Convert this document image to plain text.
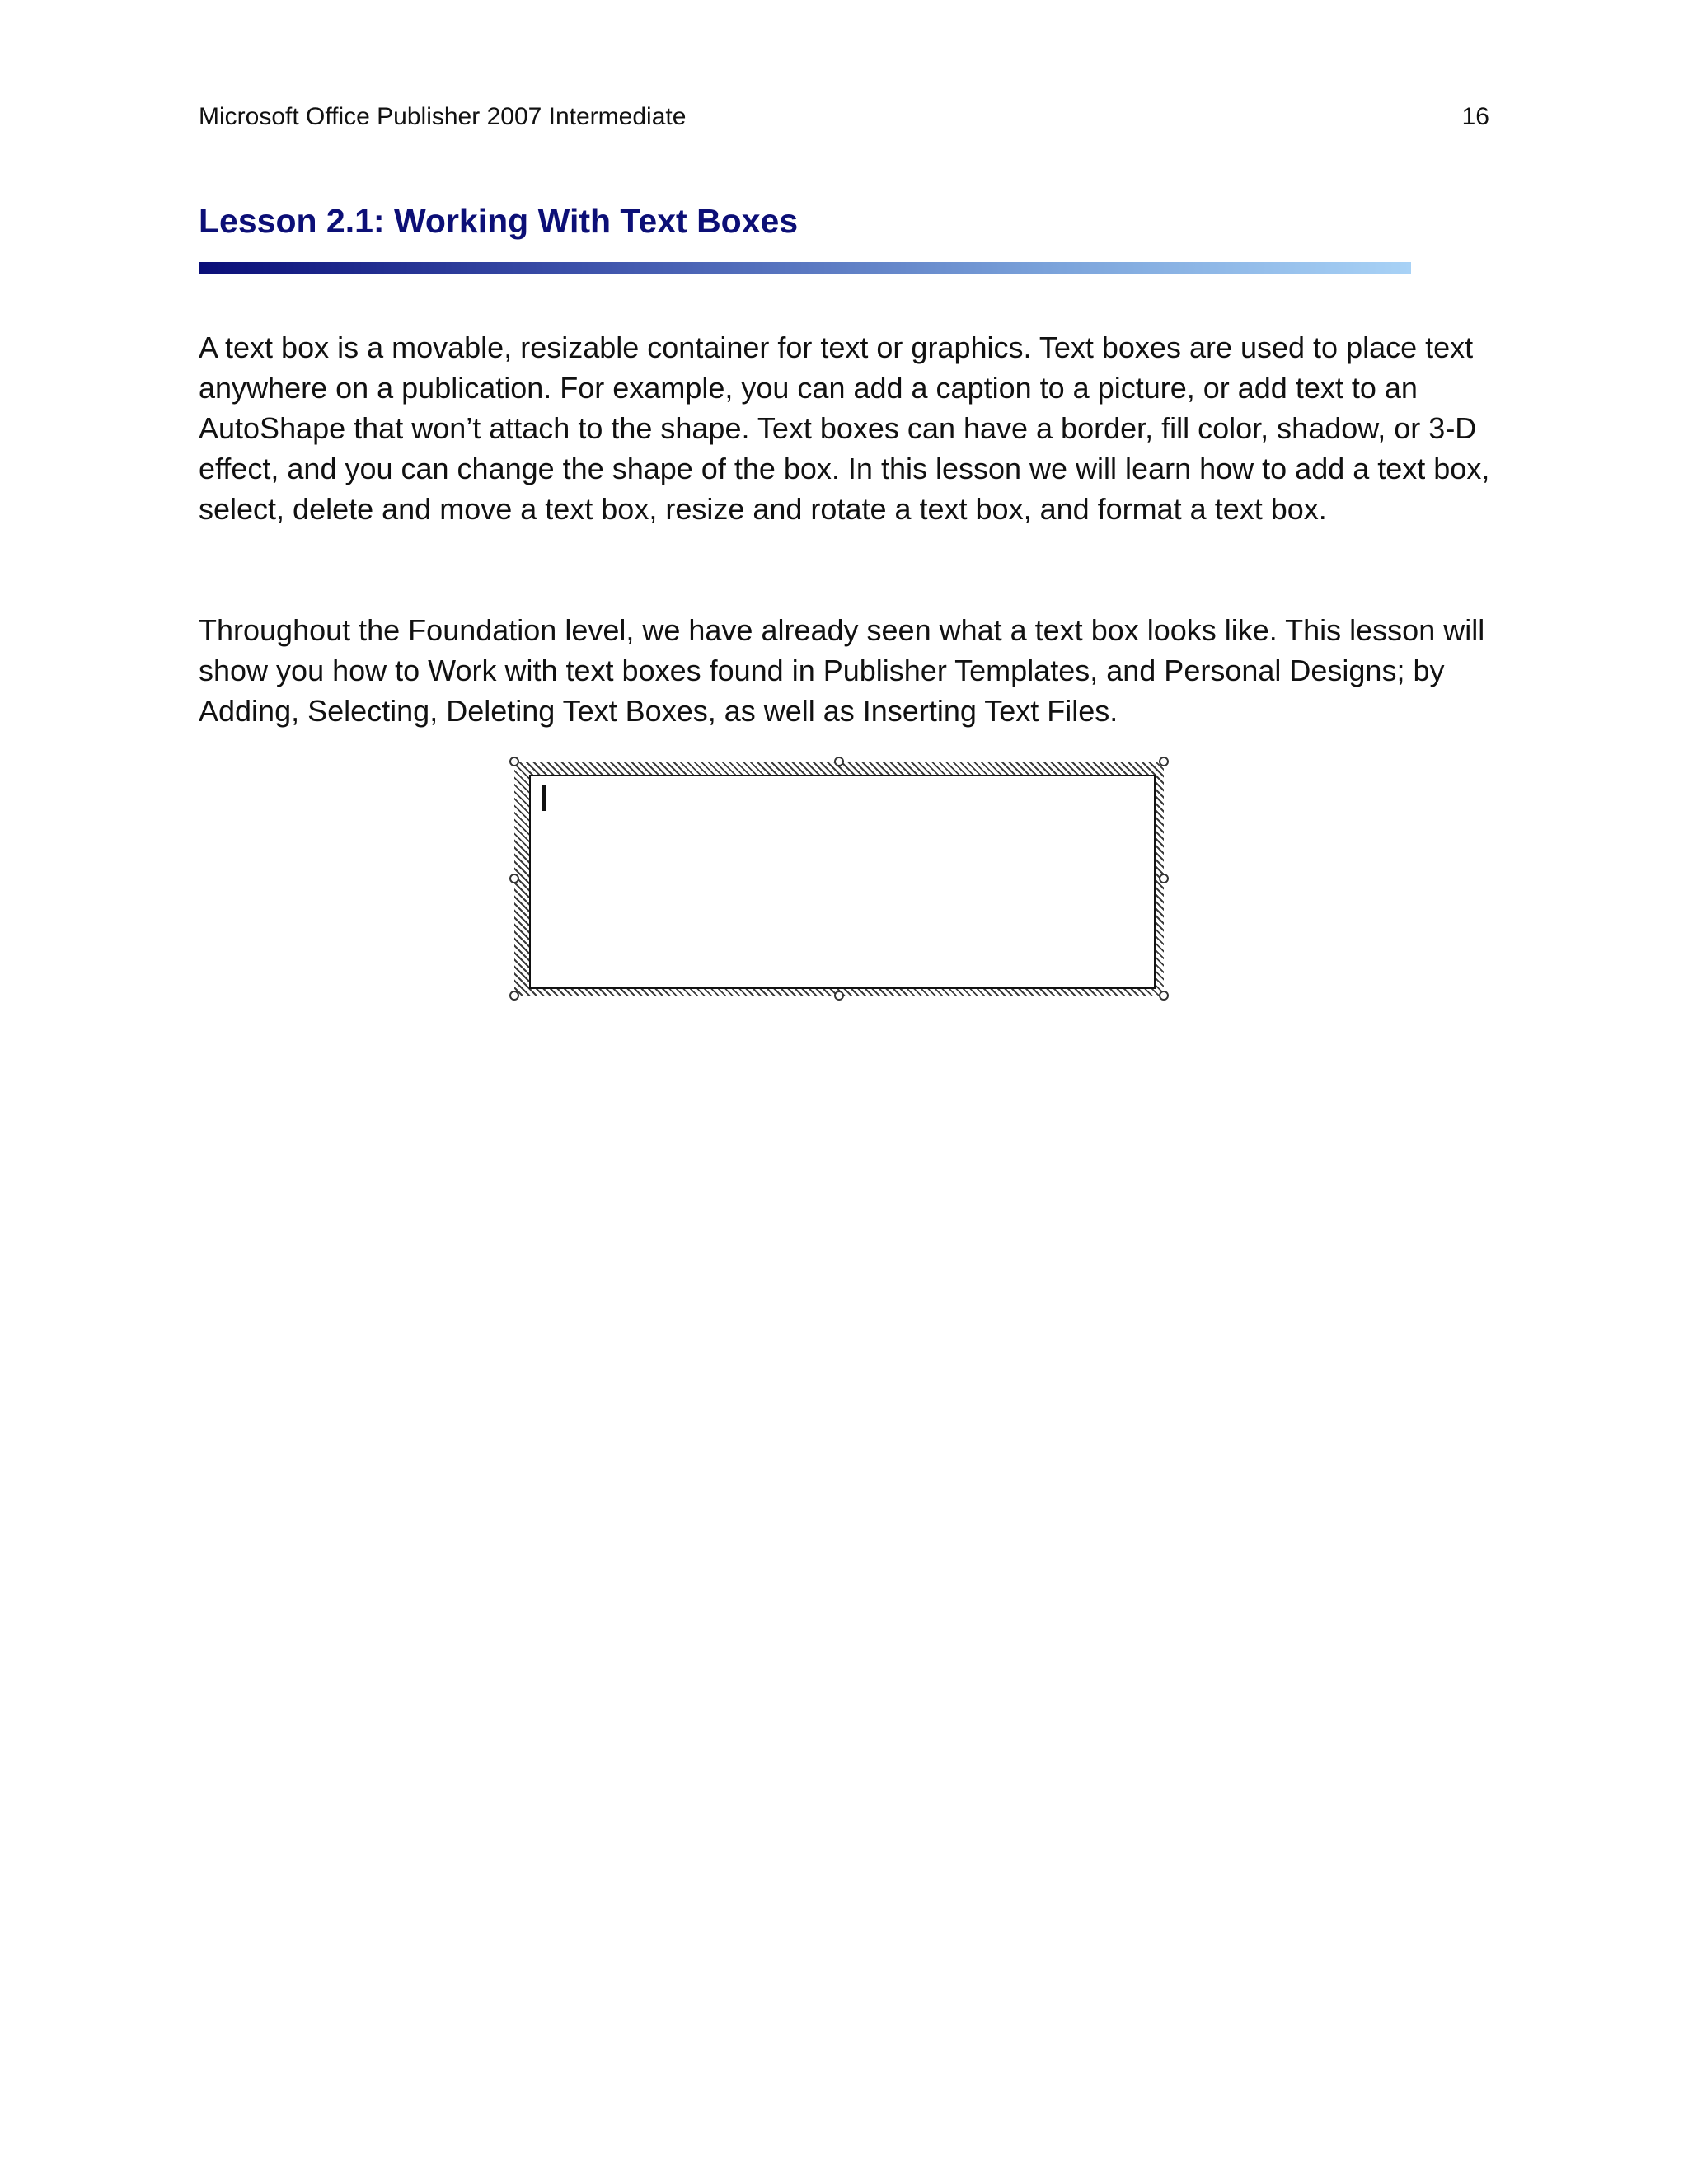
Microsoft Office Publisher 2007 Intermediate	16
Lesson 2.1: Working With Text Boxes

A text box is a movable, resizable container for text or graphics. Text boxes are used to place text anywhere on a publication. For example, you can add a caption to a picture, or add text to an AutoShape that won’t attach to the shape. Text boxes can have a border, fill color, shadow, or 3-D effect, and you can change the shape of the box. In this lesson we will learn how to add a text box, select, delete and move a text box, resize and rotate a text box, and format a text box.

Throughout the Foundation level, we have already seen what a text box looks like. This lesson will show you how to Work with text boxes found in Publisher Templates, and Personal Designs; by Adding, Selecting, Deleting Text Boxes, as well as Inserting Text Files.
